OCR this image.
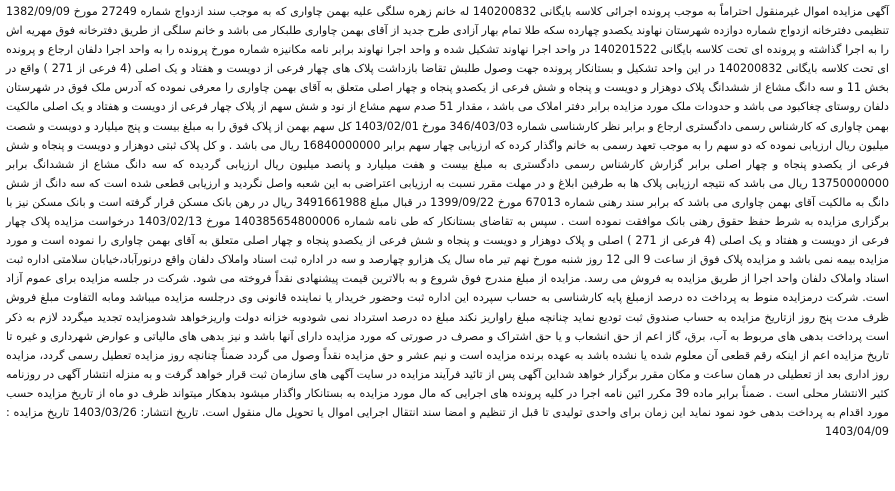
آگهی مزایده اموال غیرمنقول احتراماً به موجب پرونده اجرائی کلاسه بایگانی 140200832 له خانم زهره سلگی علیه بهمن چاواری که به موجب سند ازدواج شماره 27249 مورخ 1382/09/09 تنظیمی دفترخانه ازدواج شماره دوازده شهرستان نهاوند یکصدو چهارده سکه طلا تمام بهار آزادی طرح جدید از آقای بهمن چاواری طلبکار می باشد و خانم سلگی از طریق دفترخانه فوق مهریه اش را به اجرا گذاشته و پرونده ای تحت کلاسه بایگانی 140201522 در واحد اجرا نهاوند تشکیل شده و واحد اجرا نهاوند برابر نامه مکانیزه شماره مورخ پرونده را به واحد اجرا دلفان ارجاع و پرونده ای تحت کلاسه بایگانی 140200832 در این واحد تشکیل و بستانکار پرونده جهت وصول طلبش تقاضا بازداشت پلاک های چهار فرعی از دویست و هفتاد و یک اصلی (4 فرعی از 271 ) واقع در بخش 11 و سه دانگ مشاع از ششدانگ پلاک دوهزار و دویست و پنجاه و شش فرعی از یکصدو پنجاه و چهار اصلی متعلق به آقای بهمن چاواری را معرفی نموده که آدرس ملک فوق در شهرستان دلفان روستای چغاکبود می باشد و حدودات ملک مورد مزایده برابر دفتر املاک می باشد ، مقدار 51 صدم سهم مشاع از نود و شش سهم از پلاک چهار فرعی از دویست و هفتاد و یک اصلی مالکیت بهمن چاواری که کارشناس رسمی دادگستری ارجاع و برابر نظر کارشناسی شماره 346/403/03 مورخ 1403/02/01 کل سهم بهمن از پلاک فوق را به مبلغ بیست و پنج میلیارد و دویست و شصت میلیون ریال ارزیابی نموده که دو سهم را به موجب تعهد رسمی به خانم واگذار کرده که ارزیابی چهار سهم برابر 16840000000 ریال می باشد . و کل پلاک ثبتی دوهزار و دویست و پنجاه و شش فرعی از یکصدو پنجاه و چهار اصلی برابر گزارش کارشناس رسمی دادگستری به مبلغ بیست و هفت میلیارد و پانصد میلیون ریال ارزیابی گردیده که سه دانگ مشاع از ششدانگ برابر 13750000000 ریال می باشد که نتیجه ارزیابی پلاک ها به طرفین ابلاغ و در مهلت مقرر نسبت به ارزیابی اعتراضی به این شعبه واصل نگردید و ارزیابی قطعی شده است که سه دانگ از شش دانگ به مالکیت آقای بهمن چاواری می باشد که برابر سند رهنی شماره 67013 مورخ 1399/09/22 در قبال مبلغ 3491661988 ریال در رهن بانک مسکن قرار گرفته است و بانک مسکن نیز با برگزاری مزایده به شرط حفظ حقوق رهنی بانک موافقت نموده است . سپس به تقاضای بستانکار که طی نامه شماره 140385654800006 مورخ 1403/02/13 درخواست مزایده پلاک چهار فرعی از دویست و هفتاد و یک اصلی (4 فرعی از 271 ) اصلی و پلاک دوهزار و دویست و پنجاه و شش فرعی از یکصدو پنجاه و چهار اصلی متعلق به آقای بهمن چاواری را نموده است و مورد مزایده بیمه نمی باشد و مزایده پلاک فوق از ساعت 9 الی 12 روز شنبه مورخ نهم تیر ماه سال یک هزارو چهارصد و سه در اداره ثبت اسناد واملاک دلفان واقع درنورآباد،خیابان سلامتی اداره ثبت اسناد واملاک دلفان واحد اجرا از طریق مزایده به فروش می رسد. مزایده از مبلغ مندرج فوق شروع و به بالاترین قیمت پیشنهادی نقداً فروخته می شود. شرکت در جلسه مزایده برای عموم آزاد است. شرکت درمزایده منوط به پرداخت ده درصد ازمبلغ پایه کارشناسی به حساب سپرده این اداره ثبت وحضور خریدار یا نماینده قانونی وی درجلسه مزایده میباشد وماﺑﻪ التفاوت مبلغ فروش ظرف مدت پنج روز ازتاریخ مزایده به حساب صندوق ثبت تودیع نماید چنانچه مبلغ راواریز نکند مبلغ ده درصد استرداد نمی شودوبه خزانه دولت واریزخواهد شدومزایده تجدید میگردد لازم به ذکر است پرداخت بدهی های مربوط به آب، برق، گاز اعم از حق انشعاب و یا حق اشتراک و مصرف در صورتی که مورد مزایده دارای آنها باشد و نیز بدهی های مالیاتی و عوارض شهرداری و غیره تا تاریخ مزایده اعم از اینکه رقم قطعی آن معلوم شده یا نشده باشد به عهده برنده مزایده است و نیم عشر و حق مزایده نقداً وصول می گردد ضمناً چنانچه روز مزایده تعطیل رسمی گردد، مزایده روز اداری بعد از تعطیلی در همان ساعت و مکان مقرر برگزار خواهد شداین آگهی پس از تائید فرآیند مزایده در سایت آگهی های سازمان ثبت قرار خواهد گرفت و به منزله انتشار آگهی در روزنامه کثیر الانتشار محلی است . ضمناً برابر ماده 39 مکرر ائین نامه اجرا در کلیه پرونده های اجرایی که مال مورد مزایده به بستانکار واگذار میشود بدهکار میتواند ظرف دو ماه از تاریخ مزایده حسب مورد اقدام به پرداخت بدهی خود نمود نماید این زمان برای واحدی تولیدی تا قبل از تنظیم و امضا سند انتقال اجرایی اموال یا تحویل مال منقول است. تاریخ انتشار: 1403/03/26 تاریخ مزایده : 1403/04/09
